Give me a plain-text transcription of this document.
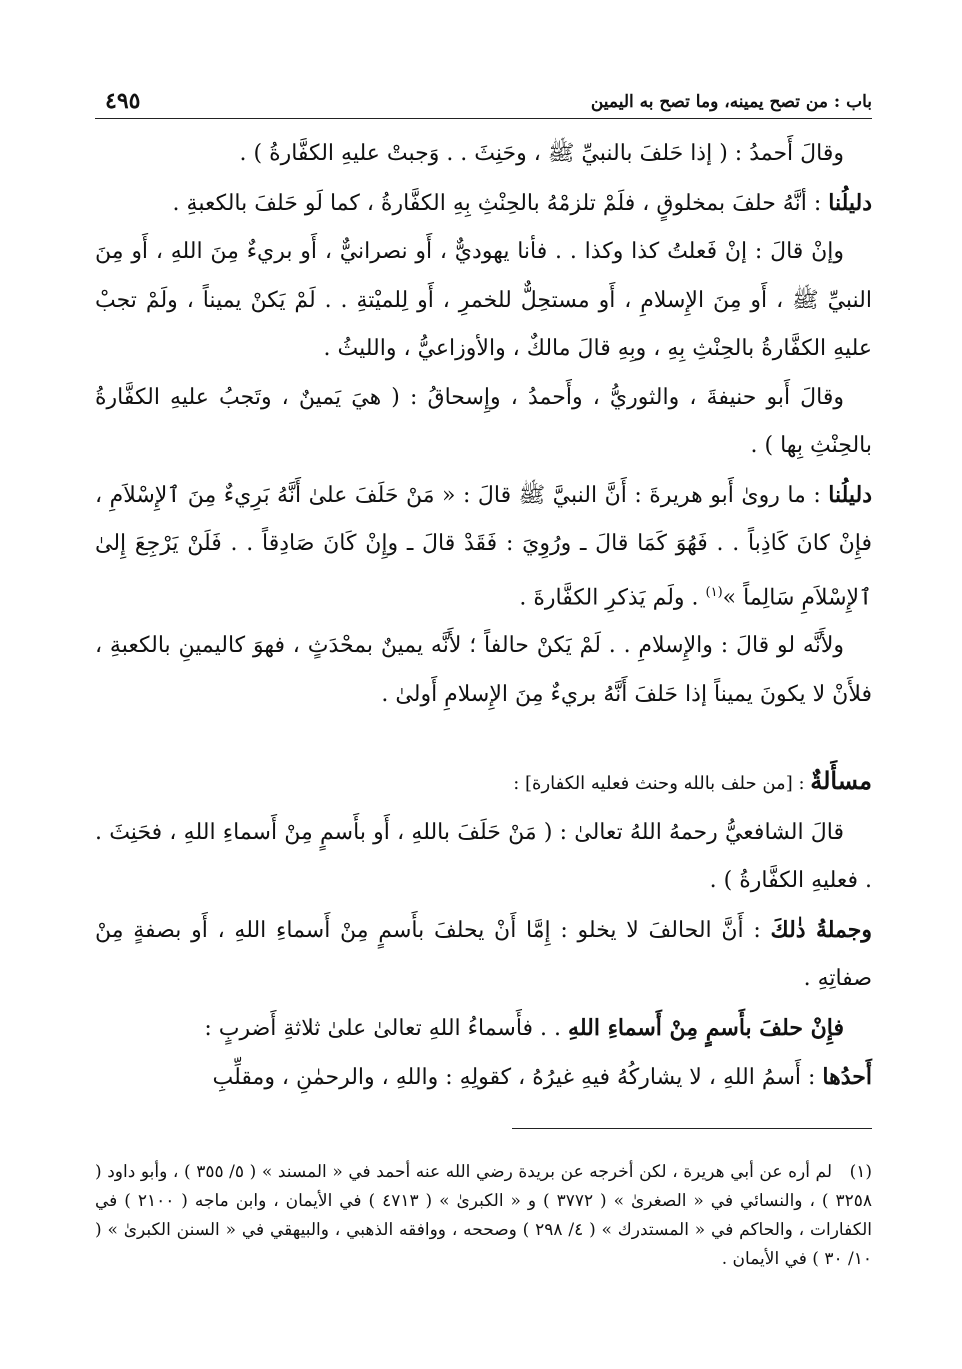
باب : من تصح يمينه، وما تصح به اليمين
٤٩٥

وقالَ أَحمدُ : ( إذا حَلفَ بالنبيِّ ﷺ ، وحَنِثَ . . وَجبتْ عليهِ الكفَّارةُ ) .

دليلُنا : أنَّهُ حلفَ بمخلوقٍ ، فلَمْ تلزمْهُ بالحِنْثِ بِهِ الكفَّارةُ ، كما لَو حَلفَ بالكعبةِ .

وإنْ قالَ : إنْ فَعلتُ كذا وكذا . . فأنا يهوديٌّ ، أَو نصرانيٌّ ، أَو بريءٌ مِنَ اللهِ ، أَو مِنَ النبيِّ ﷺ ، أَو مِنَ الإِسلامِ ، أَو مستحِلٌّ للخمرِ ، أَو لِلميْتةِ . . لَمْ يَكنْ يميناً ، ولَمْ تجبْ عليهِ الكفَّارةُ بالحِنْثِ بِهِ ، وبِهِ قالَ مالكٌ ، والأوزاعيُّ ، والليثُ .

وقالَ أَبو حنيفةَ ، والثوريُّ ، وأَحمدُ ، وإِسحاقُ : ( هيَ يَمينٌ ، وتَجبُ عليهِ الكفَّارةُ بالحِنْثِ بِها ) .

دليلُنا : ما روىٰ أَبو هريرةَ : أَنَّ النبيَّ ﷺ قالَ : « مَنْ حَلَفَ علىٰ أَنَّهُ بَرِيءٌ مِنَ ٱلإِسْلاَمِ ، فإِنْ كانَ كَاذِباً . . فَهُوَ كَمَا قالَ ـ ورُوِيَ : فَقَدْ قالَ ـ وإِنْ كَانَ صَادِقاً . . فَلَنْ يَرْجِعَ إِلىٰ ٱلإِسْلاَمِ سَالِماً »$^{(١)}$ . ولَم يَذكرِ الكفَّارةَ .

ولأَنَّه لو قالَ : والإِسلامِ . . لَمْ يَكنْ حالفاً ؛ لأَنَّه يمينٌ بمحْدَثٍ ، فهوَ كاليمينِ بالكعبةِ ، فلأَنْ لا يكونَ يميناً إذا حَلفَ أَنَّهُ بريءٌ مِنَ الإِسلامِ أَولىٰ .

مسأَلةٌ : [من حلف بالله وحنث فعليه الكفارة] :

قالَ الشافعيُّ رحمهُ اللهُ تعالىٰ : ( مَنْ حَلَفَ باللهِ ، أَو بأَسمٍ مِنْ أَسماءِ اللهِ ، فحَنِثَ . . فعليهِ الكفَّارةُ ) .

وجملةُ ذٰلكَ : أَنَّ الحالفَ لا يخلو : إِمَّا أَنْ يحلفَ بأَسمٍ مِنْ أَسماءِ اللهِ ، أَو بصفةٍ مِنْ صفاتِهِ .

فإِنْ حلفَ بأَسمٍ مِنْ أَسماءِ اللهِ . . فأَسماءُ اللهِ تعالىٰ علىٰ ثلاثةِ أَضربٍ :

أَحدُها : أَسمُ اللهِ ، لا يشاركُهُ فيهِ غيرُهُ ، كقولِهِ : واللهِ ، والرحمٰنِ ، ومقلِّبِ

(١)لم أره عن أبي هريرة ، لكن أخرجه عن بريدة رضي الله عنه أحمد في « المسند » ( ٥/ ٣٥٥ ) ، وأبو داود ( ٣٢٥٨ ) ، والنسائي في « الصغرىٰ » ( ٣٧٧٢ ) و « الكبرىٰ » ( ٤٧١٣ ) في الأيمان ، وابن ماجه ( ٢١٠٠ ) في الكفارات ، والحاكم في « المستدرك » ( ٤/ ٢٩٨ ) وصححه ، ووافقه الذهبي ، والبيهقي في « السنن الكبرىٰ » ( ١٠/ ٣٠ ) في الأيمان .
